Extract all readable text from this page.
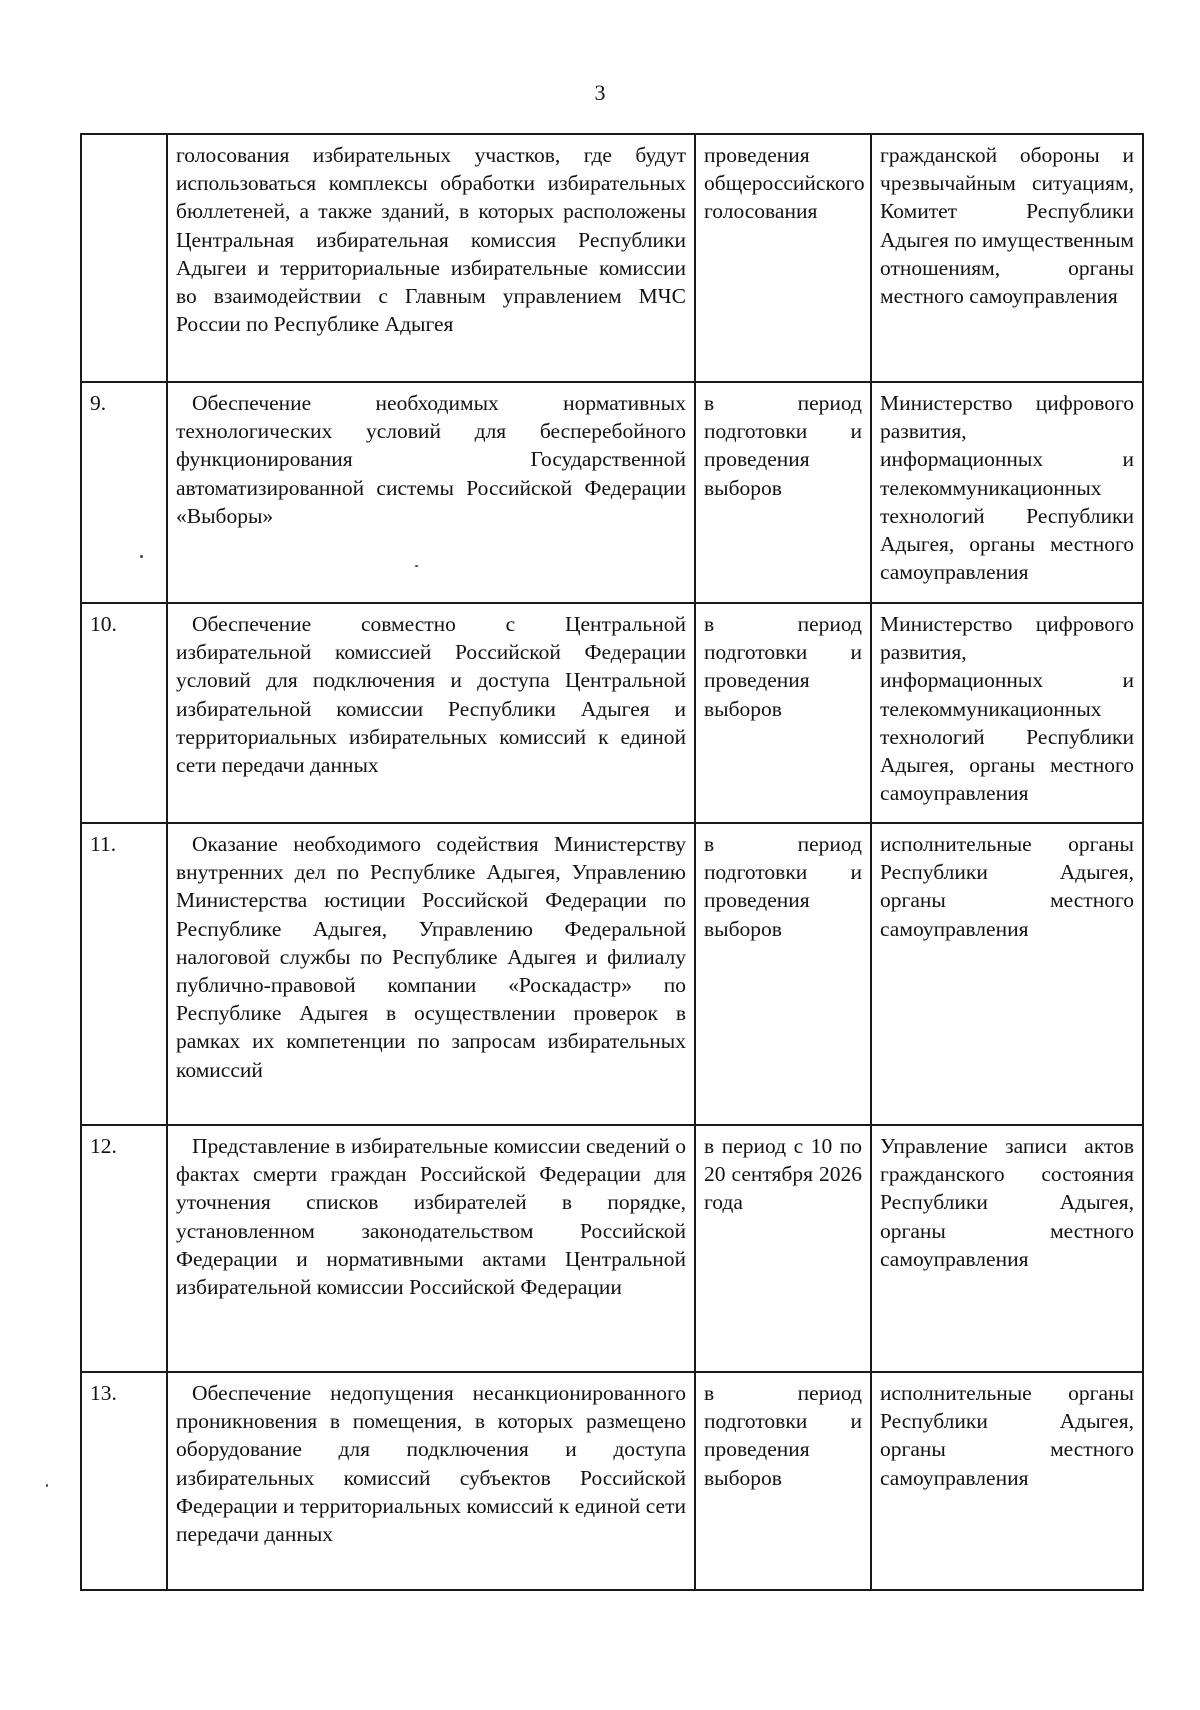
3
	голосования избирательных участков, где будут использоваться комплексы обработки избирательных бюллетеней, а также зданий, в которых расположены Центральная избирательная комиссия Республики Адыгеи и территориальные избирательные комиссии во взаимодействии с Главным управлением МЧС России по Республике Адыгея	проведения общероссийского голосования	гражданской обороны и чрезвычайным ситуациям, Комитет Республики Адыгея по имущественным отношениям, органы местного самоуправления
9.	Обеспечение необходимых нормативных технологических условий для бесперебойного функционирования Государственной автоматизированной системы Российской Федерации «Выборы»	в период подготовки и проведения выборов	Министерство цифрового развития, информационных и телекоммуникационных технологий Республики Адыгея, органы местного самоуправления
10.	Обеспечение совместно с Центральной избирательной комиссией Российской Федерации условий для подключения и доступа Центральной избирательной комиссии Республики Адыгея и территориальных избирательных комиссий к единой сети передачи данных	в период подготовки и проведения выборов	Министерство цифрового развития, информационных и телекоммуникационных технологий Республики Адыгея, органы местного самоуправления
11.	Оказание необходимого содействия Министерству внутренних дел по Республике Адыгея, Управлению Министерства юстиции Российской Федерации по Республике Адыгея, Управлению Федеральной налоговой службы по Республике Адыгея и филиалу публично-правовой компании «Роскадастр» по Республике Адыгея в осуществлении проверок в рамках их компетенции по запросам избирательных комиссий	в период подготовки и проведения выборов	исполнительные органы Республики Адыгея, органы местного самоуправления
12.	Представление в избирательные комиссии сведений о фактах смерти граждан Российской Федерации для уточнения списков избирателей в порядке, установленном законодательством Российской Федерации и нормативными актами Центральной избирательной комиссии Российской Федерации	в период с 10 по 20 сентября 2026 года	Управление записи актов гражданского состояния Республики Адыгея, органы местного самоуправления
13.	Обеспечение недопущения несанкционированного проникновения в помещения, в которых размещено оборудование для подключения и доступа избирательных комиссий субъектов Российской Федерации и территориальных комиссий к единой сети передачи данных	в период подготовки и проведения выборов	исполнительные органы Республики Адыгея, органы местного самоуправления
